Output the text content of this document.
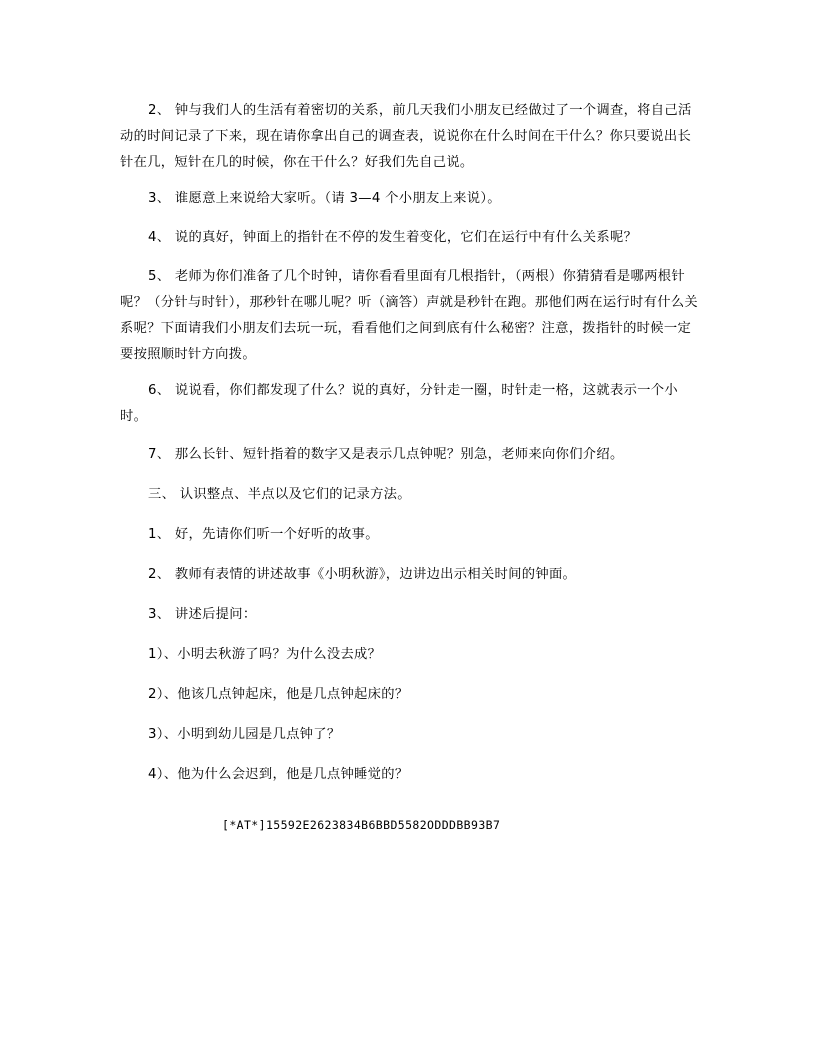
2、 钟与我们人的生活有着密切的关系，前几天我们小朋友已经做过了一个调查，将自己活动的时间记录了下来，现在请你拿出自己的调查表，说说你在什么时间在干什么？你只要说出长针在几，短针在几的时候，你在干什么？好我们先自己说。

3、 谁愿意上来说给大家听。（请 3—4 个小朋友上来说）。

4、 说的真好，钟面上的指针在不停的发生着变化，它们在运行中有什么关系呢？

5、 老师为你们准备了几个时钟，请你看看里面有几根指针，（两根）你猜猜看是哪两根针呢？（分针与时针），那秒针在哪儿呢？听（滴答）声就是秒针在跑。那他们两在运行时有什么关系呢？下面请我们小朋友们去玩一玩，看看他们之间到底有什么秘密？注意，拨指针的时候一定要按照顺时针方向拨。

6、 说说看，你们都发现了什么？说的真好，分针走一圈，时针走一格，这就表示一个小时。

7、 那么长针、短针指着的数字又是表示几点钟呢？别急，老师来向你们介绍。

三、 认识整点、半点以及它们的记录方法。

1、 好，先请你们听一个好听的故事。

2、 教师有表情的讲述故事《小明秋游》，边讲边出示相关时间的钟面。

3、 讲述后提问：

1）、小明去秋游了吗？为什么没去成？

2）、他该几点钟起床，他是几点钟起床的？

3）、小明到幼儿园是几点钟了？

4）、他为什么会迟到，他是几点钟睡觉的？

[*AT*]15592E2623834B6BBD5582ODDDBB93B7
